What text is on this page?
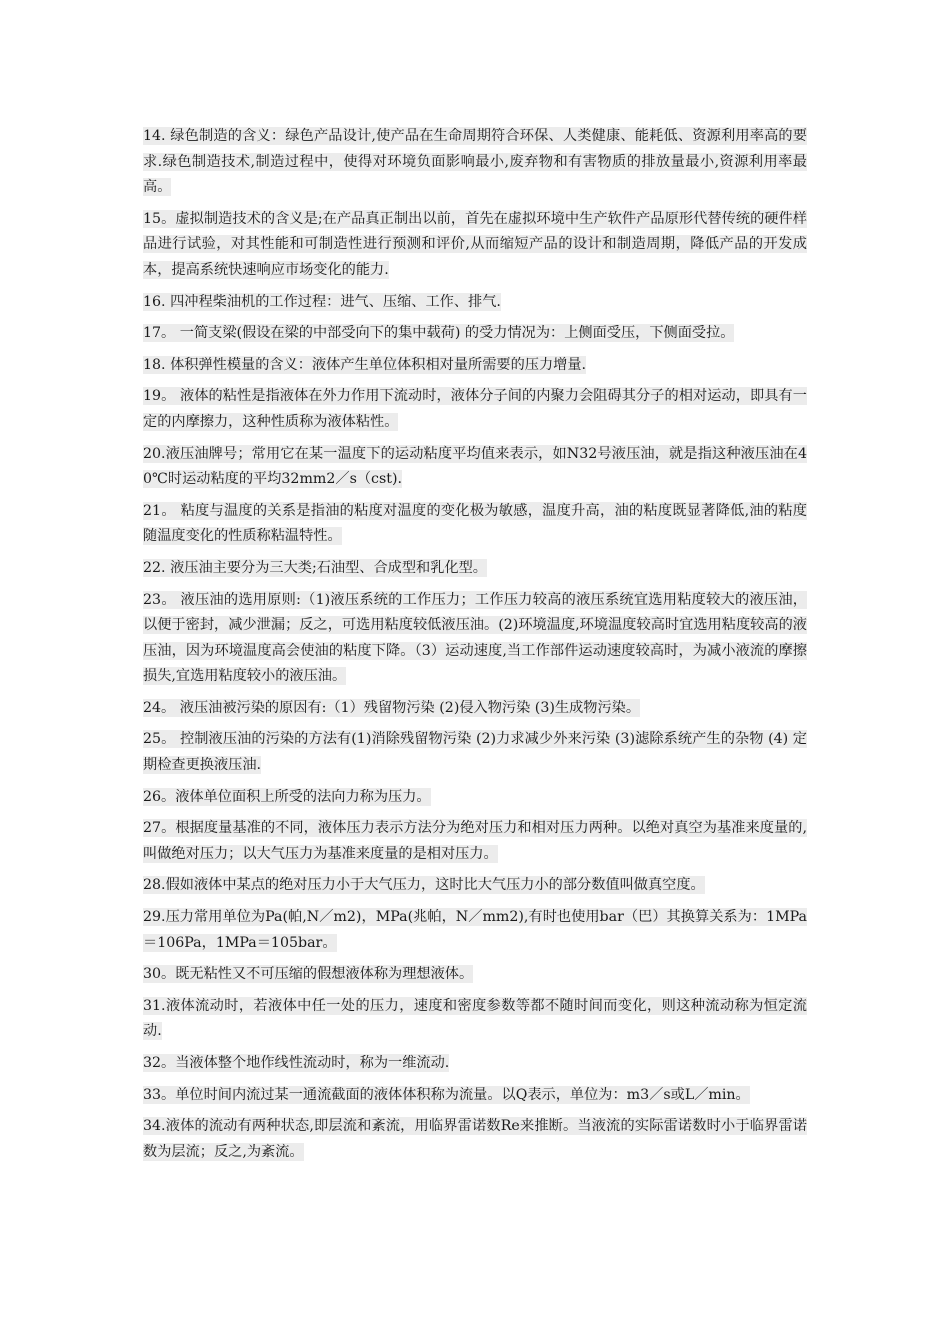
14. 绿色制造的含义：绿色产品设计,使产品在生命周期符合环保、人类健康、能耗低、资源利用率高的要求.绿色制造技术,制造过程中，使得对环境负面影响最小,废弃物和有害物质的排放量最小,资源利用率最高。

15。虚拟制造技术的含义是;在产品真正制出以前，首先在虚拟环境中生产软件产品原形代替传统的硬件样品进行试验，对其性能和可制造性进行预测和评价,从而缩短产品的设计和制造周期，降低产品的开发成本，提高系统快速响应市场变化的能力.

16. 四冲程柴油机的工作过程：进气、压缩、工作、排气.

17。 一简支梁(假设在梁的中部受向下的集中载荷) 的受力情况为：上侧面受压，下侧面受拉。

18. 体积弹性模量的含义：液体产生单位体积相对量所需要的压力增量.

19。 液体的粘性是指液体在外力作用下流动时，液体分子间的内聚力会阻碍其分子的相对运动，即具有一定的内摩擦力，这种性质称为液体粘性。

20.液压油牌号；常用它在某一温度下的运动粘度平均值来表示，如N32号液压油，就是指这种液压油在40℃时运动粘度的平均32mm2／s（cst).

21。 粘度与温度的关系是指油的粘度对温度的变化极为敏感，温度升高，油的粘度既显著降低,油的粘度随温度变化的性质称粘温特性。

22. 液压油主要分为三大类;石油型、合成型和乳化型。

23。 液压油的选用原则:（1)液压系统的工作压力；工作压力较高的液压系统宜选用粘度较大的液压油，以便于密封，减少泄漏；反之，可选用粘度较低液压油。(2)环境温度,环境温度较高时宜选用粘度较高的液压油，因为环境温度高会使油的粘度下降。（3）运动速度,当工作部件运动速度较高时，为减小液流的摩擦损失,宜选用粘度较小的液压油。

24。 液压油被污染的原因有:（1）残留物污染 (2)侵入物污染 (3)生成物污染。

25。 控制液压油的污染的方法有(1)消除残留物污染 (2)力求减少外来污染 (3)滤除系统产生的杂物 (4) 定期检查更换液压油.

26。液体单位面积上所受的法向力称为压力。

27。根据度量基准的不同，液体压力表示方法分为绝对压力和相对压力两种。以绝对真空为基准来度量的,叫做绝对压力；以大气压力为基准来度量的是相对压力。

28.假如液体中某点的绝对压力小于大气压力，这时比大气压力小的部分数值叫做真空度。

29.压力常用单位为Pa(帕,N／m2)，MPa(兆帕，N／mm2),有时也使用bar（巴）其换算关系为：1MPa＝106Pa，1MPa＝105bar。

30。既无粘性又不可压缩的假想液体称为理想液体。

31.液体流动时，若液体中任一处的压力，速度和密度参数等都不随时间而变化，则这种流动称为恒定流动.

32。当液体整个地作线性流动时，称为一维流动.

33。单位时间内流过某一通流截面的液体体积称为流量。以Q表示，单位为：m3／s或L／min。

34.液体的流动有两种状态,即层流和紊流，用临界雷诺数Re来推断。当液流的实际雷诺数时小于临界雷诺数为层流；反之,为紊流。
